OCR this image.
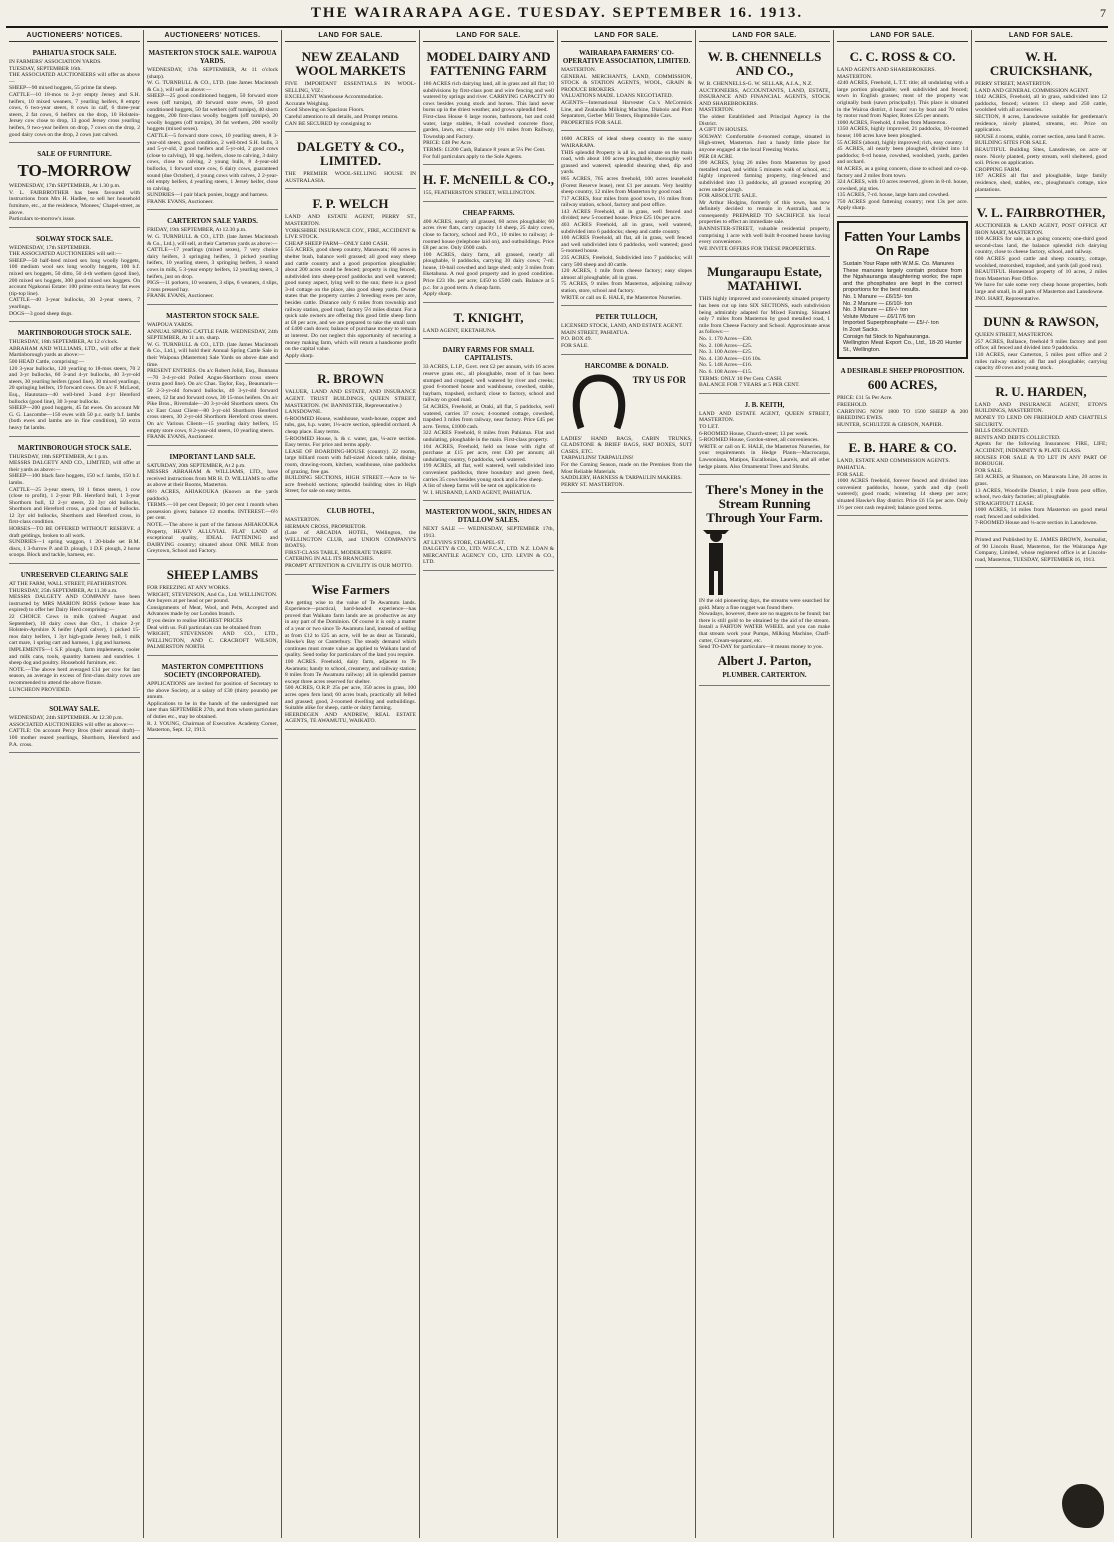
THE WAIRARAPA AGE. TUESDAY. SEPTEMBER 16. 1913.	7
AUCTIONEERS' NOTICES.
PAHIATUA STOCK SALE.

IN FARMERS' ASSOCIATION YARDS.
TUESDAY, SEPTEMBER 16th.
THE ASSOCIATED AUCTIONEERS will offer as above—
SHEEP—90 mixed hoggets, 55 prime fat sheep.
CATTLE—10 18-mos to 2-yr empty Jersey and S.H. heifers, 10 mixed weaners, 7 yearling heifers, 8 empty cows, 6 two-year steers, 8 cows in calf, 6 three-year steers, 2 fat cows, 6 heifers on the drop, 10 Holstein-Jersey cow close to drop, 13 good Jersey cross yearling heifers, 9 two-year heifers on drop, 7 cows on the drop, 2 good dairy cows on the drop, 2 cows just calved.

SALE OF FURNITURE.
TO-MORROW

WEDNESDAY, 17th SEPTEMBER, At 1.30 p.m.
V. L. FAIRBROTHER has been favoured with instructions from Mrs H. Hadlee, to sell her household furniture, etc., at the residence, 'Monees,' Chapel-street, as above.
Particulars to-morrow's issue.

SOLWAY STOCK SALE.

WEDNESDAY, 17th SEPTEMBER.
THE ASSOCIATED AUCTIONEERS will sell:—
SHEEP—50 half-bred mixed sex long woolly hoggets, 100 medium wool sex long woolly hoggets, 100 b.f. mixed sex hoggets, 50 ditto, 50 4-th wethers (good line), 200 mixed sex hoggets, 300 good mixed sex hoggets. On account Ngakonui Estate: 100 prime extra heavy fat ewes (tip-top line).
CATTLE—40 3-year bullocks, 30 2-year steers, 7 yearlings.
DOGS—3 good sheep dogs.

MARTINBOROUGH STOCK SALE.

THURSDAY, 18th SEPTEMBER, At 12 o'clock.
ABRAHAM AND WILLIAMS, LTD., will offer at their Martinborough yards as above:—
500 HEAD Cattle, comprising:—
120 3-year bullocks, 120 yearling to 18-mos steers, 70 2 and 3-yr bullocks, 60 3-and 4-yr bullocks, 40 3-yr-old steers, 30 yearling heifers (good line), 30 mixed yearlings, 20 springing heifers, 19 forward cows. On a/c F. McLeod, Esq., Hautotara—40 well-bred 3-and 4-yr Hereford bullocks (good line), 30 3-year bullocks.
SHEEP—200 good hoggets, 45 fat ewes. On account Mr G. G. Lascombe—150 ewes with 50 p.c. early b.f. lambs (both ewes and lambs are in fine condition), 50 extra heavy fat lambs.

MARTINBOROUGH STOCK SALE.

THURSDAY, 18th SEPTEMBER, At 1 p.m.
MESSRS DALGETY AND CO., LIMITED, will offer at their yards as above:—
SHEEP—100 black face hoggets, 150 w.f. lambs, 150 b.f. lambs.
CATTLE—25 3-year steers, 18 1 6mos steers, 1 cow (close to profit), 1 2-year P.B. Hereford bull, 1 3-year Shorthorn bull, 12 2-yr steers, 23 3yr old bullocks, Shorthorn and Hereford cross, a good class of bullocks. 12 3yr old bullocks, Shorthorn and Hereford cross, in first-class condition.
HORSES—TO BE OFFERED WITHOUT RESERVE. 4 draft geldings, broken to all work.
SUNDRIES—1 spring waggon, 1 20-blade set B.M. discs, 1 3-furrow P. and D. plough, 1 D.F. plough, 2 horse scoops. Block and tackle, harness, etc.

UNRESERVED CLEARING SALE

AT THE FARM, WALL STREET, FEATHERSTON.
THURSDAY, 25th SEPTEMBER, At 11.30 a.m.
MESSRS DALGETY AND COMPANY have been instructed by MRS MARION ROSS (whose lease has expired) to offer her Dairy Herd comprising:—
22 CHOICE Cows in milk (calved August and September), 10 dairy cows due Oct., 1 choice 2-yr Holstein-Ayrshire X heifer (April calver), 1 picked 15-mos dairy heifers, 1 3yr high-grade Jersey bull, 1 milk cart mare, 1 spring cart and harness, 1 gig and harness.
IMPLEMENTS—1 S.F. plough, farm implements, cooler and milk cans, tools, quantity harness and sundries. 1 sheep dog and poultry. Household furniture, etc.
NOTE.—The above herd averaged £14 per cow for last season, an average in excess of first-class dairy cows are recommended to attend the above fixture.
LUNCHEON PROVIDED.

SOLWAY SALE.

WEDNESDAY, 24th SEPTEMBER. At 12.30 p.m.
ASSOCIATED AUCTIONEERS will offer as above:—
CATTLE: On account Percy Bros (their annual draft)—100 mother reared yearlings, Shorthorn, Hereford and P.A. cross.

AUCTIONEERS' NOTICES.
MASTERTON STOCK SALE. WAIPOUA YARDS.

WEDNESDAY, 17th SEPTEMBER, At 11 o'clock (sharp).
W. G. TURNBULL & CO., LTD. (late James Macintosh & Co.), will sell as above:—
SHEEP—25 good conditioned hoggets, 50 forward store ewes (off turnips), 40 forward store ewes, 50 good conditioned hoggets, 50 fat wethers (off turnips), 40 shorn hoggets, 200 first-class woolly hoggets (off turnips), 20 woolly hoggets (off turnips), 30 fat wethers, 200 woolly hoggets (mixed sexes).
CATTLE—5 forward store cows, 10 yearling steers, 8 3-year-old steers, good condition, 2 well-bred S.H. bulls, 3 and 5-yr-old, 2 good heifers and 5-yr-old, 2 good cows (close to calving), 10 spg. heifers, close to calving, 3 dairy cows, close to calving, 2 young bulls, 8 4-year-old bullocks, 1 forward store cow, 6 dairy cows, guaranteed sound (due October), 4 young cows with calves, 2 2-year-old empty heifers, 4 yearling steers, 1 Jersey heifer, close to calving.
SUNDRIES—1 pair black ponies, buggy and harness.
FRANK EVANS, Auctioneer.

CARTERTON SALE YARDS.

FRIDAY, 19th SEPTEMBER, At 12.30 p.m.
W. G. TURNBULL & CO., LTD. (late James Macintosh & Co., Ltd.), will sell, at their Carterton yards as above:—
CATTLE—17 yearlings (mixed sexes), 7 very choice dairy heifers, 3 springing heifers, 3 picked yearling heifers, 10 yearling steers, 3 springing heifers, 3 sound cows in milk, 5 3-year empty heifers, 12 yearling steers, 3 heifers, just on drop.
PIGS—11 porkers, 10 weaners, 3 slips, 6 weaners, 4 slips, 2 tons pressed hay.
FRANK EVANS, Auctioneer.

MASTERTON STOCK SALE.

WAIPOUA YARDS.
ANNUAL SPRING CATTLE FAIR. WEDNESDAY, 24th SEPTEMBER, At 11 a.m. sharp.
W. G. TURNBULL & CO., LTD. (late James Macintosh & Co., Ltd.), will hold their Annual Spring Cattle Sale in their Waipoua (Masterton) Sale Yards on above date and time.
PRESENT ENTRIES. On a/c Robert Jolid, Esq., Bunnana—70 3-4-yr-old Polled Angus-Shorthorn cross steers (extra good line). On a/c Chas. Taylor, Esq., Beaumaris—50 2-3-yr-old forward bullocks, 40 3-yr-old forward steers, 12 fat and forward cows, 30 15-mos heifers. On a/c Pike Bros., Riversdale—20 3-yr-old Shorthorn steers. On a/c East Coast Client—80 3-yr-old Shorthorn Hereford cross steers, 30 2-yr-old Shorthorn Hereford cross steers. On a/c Various Clients—15 yearling dairy heifers, 15 empty store cows, 8 2-year-old steers, 10 yearling steers.
FRANK EVANS, Auctioneer.

IMPORTANT LAND SALE.

SATURDAY, 20th SEPTEMBER, At 2 p.m.
MESSRS ABRAHAM & WILLIAMS, LTD., have received instructions from MR H. D. WILLIAMS to offer as above at their Rooms, Masterton.
86½ ACRES, AHIAKOUKA (Known as the yards paddock).
TERMS.—10 per cent Deposit; 10 per cent 1 month when possession given; balance 12 months. INTEREST.—6½ per cent.
NOTE.—The above is part of the famous AHIAKOUKA Property, HEAVY ALLUVIAL FLAT LAND of exceptional quality, IDEAL FATTENING and DAIRYING country; situated about ONE MILE from Greytown, School and Factory.

SHEEP LAMBS

FOR FREEZING AT ANY WORKS.
WRIGHT, STEVENSON, And Co., Ltd. WELLINGTON.
Are buyers at per head or per pound.
Consignments of Meat, Wool, and Pelts, Accepted and Advances made by our London branch.
If you desire to realise HIGHEST PRICES
Deal with us. Full particulars can be obtained from
WRIGHT, STEVENSON AND CO., LTD., WELLINGTON, AND C. CRACROFT WILSON, PALMERSTON NORTH.

MASTERTON COMPETITIONS SOCIETY (INCORPORATED).

APPLICATIONS are invited for position of Secretary to the above Society, at a salary of £30 (thirty pounds) per annum.
Applications to be in the hands of the undersigned not later than SEPTEMBER 27th, and from whom particulars of duties etc., may be obtained.
R. J. YOUNG, Chairman of Executive. Academy Corner, Masterton, Sept. 12, 1913.

LAND FOR SALE.
NEW ZEALAND WOOL MARKETS

FIVE IMPORTANT ESSENTIALS IN WOOL-SELLING, VIZ.:
EXCELLENT Warehouse Accommodation.
Accurate Weighing.
Good Showing on Spacious Floors.
Careful attention to all details, and Prompt returns.
CAN BE SECURED by consigning to

DALGETY & CO., LIMITED.

THE PREMIER WOOL-SELLING HOUSE IN AUSTRALASIA.

F. P. WELCH

LAND AND ESTATE AGENT, PERRY ST., MASTERTON.
YORKSHIRE INSURANCE COY., FIRE, ACCIDENT & LIVE STOCK.
CHEAP SHEEP FARM—ONLY £400 CASH.
555 ACRES, good sheep country, Manawatu; 60 acres in shelter bush, balance well grassed; all good easy sheep and cattle country and a good proportion ploughable; about 200 acres could be fenced; property is ring fenced, subdivided into sheep-proof paddocks and well watered; good sunny aspect, lying well to the sun; there is a good 3-rd cottage on the place, also good sheep yards. Owner states that the property carries 2 breeding ewes per acre, besides cattle. Distance only 6 miles from township and railway station, good road; factory 5½ miles distant. For a quick sale owners are offering this good little sheep farm at £8 per acre, and we are prepared to take the small sum of £400 cash down; balance of purchase money to remain at interest. Do not neglect this opportunity of securing a money making farm, which will return a handsome profit on the capital value.
Apply sharp.

R. BROWN

VALUER, LAND AND ESTATE, AND INSURANCE AGENT. TRUST BUILDINGS, QUEEN STREET, MASTERTON. (W. BANNISTER, Representative.)
LANSDOWNE.
6-ROOMED House, washhouse, wash-house, copper and tubs, gas, h.p. water, 1¼-acre section, splendid orchard. A cheap place. Easy terms.
5-ROOMED House, h. & c. water, gas, ¼-acre section. Easy terms. For price and terms apply.
LEASE OF BOARDING-HOUSE (country). 22 rooms, large billiard room with full-sized Alcock table, dining-room, drawing-room, kitchen, washhouse, nine paddocks of grazing, free gas.
BUILDING SECTIONS, HIGH STREET.—Acre to ¼-acre freehold sections; splendid building sites in High Street; for sale on easy terms.

CLUB HOTEL,

MASTERTON.
HERMAN CROSS, PROPRIETOR.
(Late of ARCADIA HOTEL, Wellington, the WELLINGTON CLUB, and UNION COMPANY'S BOATS).
FIRST-CLASS TABLE, MODERATE TARIFF.
CATERING IN ALL ITS BRANCHES.
PROMPT ATTENTION & CIVILITY IS OUR MOTTO.

Wise Farmers

Are getting wise to the value of Te Awamutu lands. Experience—practical, hard-headed experience—has proved that Waikato farm lands are as productive as any in any part of the Dominion. Of course it is only a matter of a year or two since Te Awamutu land, instead of selling at from £12 to £25 an acre, will be as dear as Taranaki, Hawke's Bay or Canterbury. The steady demand which continues must create value as applied to Waikato land of quality. Send today for particulars of the land you require.
100 ACRES. Freehold, dairy farm, adjacent to Te Awamutu; handy to school, creamery, and railway station; 8 miles from Te Awamutu railway; all in splendid pasture except three acres reserved for shelter.
500 ACRES, O.R.P. 25s per acre, 350 acres in grass, 100 acres open fern land; 60 acres bush, practically all felled and grassed; good, 2-roomed dwelling and outbuildings. Suitable alike for sheep, cattle or dairy farming.
HEERDEGEN AND ANDREW, REAL ESTATE AGENTS, TE AWAMUTU, WAIKATO.

LAND FOR SALE.
MODEL DAIRY AND FATTENING FARM

186 ACRES rich dairying land, all in grass and all flat; 10 subdivisions by first-class post and wire fencing and well watered by springs and river. CARRYING CAPACITY 80 cows besides young stock and horses. This land never burns up in the driest weather, and grows splendid feed.
First-class House 6 large rooms, bathroom, hot and cold water, large stables, 8-bail cowshed concrete floor, garden, lawn, etc.; situate only 1½ miles from Railway, Township and Factory.
PRICE: £48 Per Acre.
TERMS: £1200 Cash, Balance 8 years at 5¼ Per Cent.
For full particulars apply to the Sole Agents.

H. F. McNEILL & CO.,

155, FEATHERSTON STREET, WELLINGTON.

CHEAP FARMS.

400 ACRES, nearly all grassed, 60 acres ploughable; 60 acres river flats, carry capacity 14 sheep, 25 dairy cows, close to factory, school and P.O., 10 miles to railway; 4-roomed house (telephone laid on), and outbuildings. Price £8 per acre. Only £600 cash.
100 ACRES, dairy farm, all grassed, nearly all ploughable, 8 paddocks, carrying 30 dairy cows; 7-rd. house, 10-bail cowshed and large shed; only 3 miles from Eketahuna. A real good property and in good condition. Price £23 10s. per acre; £450 to £500 cash. Balance at 5 p.c. for a good term. A cheap farm.
Apply sharp.

T. KNIGHT,

LAND AGENT, EKETAHUNA.

DAIRY FARMS FOR SMALL CAPITALISTS.

33 ACRES, L.I.P., Govt. rent £2 per annum, with 16 acres reserve grass etc., all ploughable, most of it has been stumped and cropped; well watered by river and creeks; good 6-roomed house and washhouse, cowshed, stable, haybarn, trapshed, orchard; close to factory, school and railway on good road.
54 ACRES, Freehold, at Otaki, all flat, 5 paddocks, well watered, carries 37 cows; 4-roomed cottage, cowshed, trapshed 3 miles from railway, near factory. Price £45 per acre. Terms, £1000 cash.
322 ACRES Freehold, 8 miles from Pahiatua. Flat and undulating, ploughable in the main. First-class property.
104 ACRES, Freehold, held on lease with right of purchase at £15 per acre, rent £30 per annum; all undulating country, 6 paddocks, well watered.
199 ACRES, all flat, well watered, well subdivided into convenient paddocks, three boundary and green feed, carries 35 cows besides young stock and a few sheep.
A list of sheep farms will be sent on application to
W. I. HUSBAND, LAND AGENT, PAHIATUA.

MASTERTON WOOL, SKIN, HIDES AN DTALLOW SALES.

NEXT SALE — WEDNESDAY, SEPTEMBER 17th, 1913.
AT LEVIN'S STORE, CHAPEL-ST.
DALGETY & CO., LTD. W.F.C.A., LTD. N.Z. LOAN & MERCANTILE AGENCY CO., LTD. LEVIN & CO., LTD.

LAND FOR SALE.
WAIRARAPA FARMERS' CO-OPERATIVE ASSOCIATION, LIMITED.

MASTERTON.
GENERAL MERCHANTS, LAND, COMMISSION, STOCK & STATION AGENTS, WOOL, GRAIN & PRODUCE BROKERS.
VALUATIONS MADE. LOANS NEGOTIATED.
AGENTS—International Harvester Co.'s McCormick Line, and Zealandia Milking Machine, Diabolo and Plott Separators, Gerber Mill Testers, Hupmobile Cars.
PROPERTIES FOR SALE.

1600 ACRES of ideal sheep country in the sunny WAIRARAPA.
THIS splendid Property is all in, and situate on the main road, with about 100 acres ploughable, thoroughly well grassed and watered; splendid shearing shed, dip and yards.
865 ACRES, 765 acres freehold, 100 acres leasehold (Forest Reserve lease), rent £1 per annum. Very healthy sheep country, 12 miles from Masterton by good road.
717 ACRES, four miles from good town, 1½ miles from railway station, school, factory and post office.
143 ACRES Freehold, all in grass, well fenced and divided; new 5-roomed house. Price £25 10s per acre.
403 ACRES Freehold, all in grass, well watered, subdivided into 6 paddocks; sheep and cattle country.
100 ACRES Freehold, all flat, all in grass, well fenced and well subdivided into 6 paddocks, well watered; good 5-roomed house.
235 ACRES, Freehold, Subdivided into 7 paddocks; will carry 500 sheep and 40 cattle.
120 ACRES, 1 mile from cheese factory; easy slopes almost all ploughable; all in grass.
75 ACRES, 9 miles from Masterton, adjoining railway station, store, school and factory.
WRITE or call on E. HALE, the Masterton Nurseries.

PETER TULLOCH,

LICENSED STOCK, LAND, AND ESTATE AGENT.
MAIN STREET, PAHIATUA.
P.O. BOX 49.
FOR SALE.

HARCOMBE & DONALD.
TRY US FOR

LADIES' HAND BAGS, CABIN TRUNKS, GLADSTONE & BRIEF BAGS, HAT BOXES, SUIT CASES, ETC.
TARPAULINS! TARPAULINS!
For the Coming Season, made on the Premises from the Most Reliable Materials.
SADDLERY, HARNESS & TARPAULIN MAKERS.
PERRY ST. MASTERTON.

LAND FOR SALE.
W. B. CHENNELLS AND CO.,

W. B. CHENNELLS-G. W. SELLAR, A.I.A., N.Z.
AUCTIONEERS, ACCOUNTANTS, LAND, ESTATE, INSURANCE AND FINANCIAL AGENTS, STOCK AND SHAREBROKERS.
MASTERTON.
The oldest Established and Principal Agency in the District.
A GIFT IN HOUSES.
SOLWAY: Comfortable 4-roomed cottage, situated in High-street, Masterton. Just a handy little place for anyone engaged at the local Freezing Works.
PER £8 ACRE.
390 ACRES, lying 26 miles from Masterton by good metalled road, and within 5 minutes walk of school, etc.; highly improved farming property, ring-fenced and subdivided into 13 paddocks, all grassed excepting 20 acres under plough.
FOR ABSOLUTE SALE.
Mr Arthur Hodgins, formerly of this town, has now definitely decided to remain in Australia, and is consequently PREPARED TO SACRIFICE his local properties to effect an immediate sale.
BANNISTER-STREET, valuable residential property, comprising 1 acre with well built 8-roomed house having every convenience.
WE INVITE OFFERS FOR THESE PROPERTIES.

Mungaraupu Estate, MATAHIWI.

THIS highly improved and conveniently situated property has been cut up into SIX SECTIONS, each subdivision being admirably adapted for Mixed Farming. Situated only 7 miles from Masterton by good metalled road, 1 mile from Cheese Factory and School. Approximate areas as follows:—
No. 1. 170 Acres—£30.
No. 2. 108 Acres—£25.
No. 3. 100 Acres—£25.
No. 4. 130 Acres—£16 10s.
No. 5. 148 Acres—£16.
No. 6. 108 Acres—£15.
TERMS: ONLY 10 Per Cent. CASH.
BALANCE FOR 7 YEARS at 5 PER CENT.

J. B. KEITH,

LAND AND ESTATE AGENT, QUEEN STREET, MASTERTON.
TO LET.
6-ROOMED House, Church-street; 13 per week.
5-ROOMED House, Gordon-street, all conveniences.
WRITE or call on E. HALE, the Masterton Nurseries, for your requirements in Hedge Plants—Macrocarpa, Lawsoniana, Matipos, Escallonias, Laurels, and all other hedge plants. Also Ornamental Trees and Shrubs.

There's Money in the Stream Running Through Your Farm.

IN the old pioneering days, the streams were searched for gold. Many a fine nugget was found there.
Nowadays, however, there are no nuggets to be found; but there is still gold to be obtained by the aid of the stream. Install a FARTON WATER WHEEL and you can make that stream work your Pumps, Milking Machine, Chaff-cutter, Cream-separator, etc.
Send TO-DAY for particulars—it means money to you.

Albert J. Parton,
PLUMBER. CARTERTON.
LAND FOR SALE.
C. C. ROSS & CO.

LAND AGENTS AND SHAREBROKERS.
MASTERTON.
4240 ACRES, Freehold, L.T.T. title; all undulating with a large portion ploughable; well subdivided and fenced; sown in English grasses; most of the property was originally bush (sawn principally). This place is situated in the Wairoa district, 4 hours' run by boat and 70 miles by motor road from Napier, Rotes £25 per annum.
1000 ACRES, Freehold, 4 miles from Masterton.
1350 ACRES, highly improved, 21 paddocks, 10-roomed house; 100 acres have been ploughed.
55 ACRES (about), highly improved; rich, easy country.
45 ACRES, all nearly been ploughed, divided into 14 paddocks; 6-rd house, cowshed, woolshed, yards, garden and orchard.
84 ACRES, as a going concern, close to school and co-op. factory and 2 miles from town.
324 ACRES, with 10 acres reserved, given in 8-rd. house, cowshed, pig sties.
135 ACRES, 7-rd. house, large barn and cowshed.
750 ACRES good fattening country; rent 13s per acre. Apply sharp.

Fatten Your Lambs On Rape

Sustain Your Rape with W.M.E. Co. Manures
These manures largely contain produce from the Ngahauranga slaughtering works; the rape and the phosphates are kept in the correct proportions for the best results.
No. 1 Manure — £6/15/- ton
No. 2 Manure — £6/10/- ton
No. 3 Manure — £6/-/- ton
Volute Mixture — £6/17/6 ton
Imported Superphosphate — £5/-/- ton
In 2cwt Sacks.
Consign fat Stock to Ngahauranga.
Wellington Meat Export Co., Ltd., 18-20 Hunter St., Wellington.

A DESIRABLE SHEEP PROPOSITION.
600 ACRES,

PRICE: £11 5s Per Acre.
FREEHOLD.
CARRYING NOW 1800 TO 1500 SHEEP & 200 BREEDING EWES.
HUNTER, SCHULTZE & GIBSON, NAPIER.

E. B. HARE & CO.

LAND, ESTATE AND COMMISSION AGENTS.
PAHIATUA.
FOR SALE.
1000 ACRES freehold, forever fenced and divided into convenient paddocks, house, yards and dip (well watered); good roads; wintering 14 sheep per acre; situated Hawke's Bay district. Price £6 15s per acre. Only 1½ per cent cash required; balance good terms.

LAND FOR SALE.
W. H. CRUICKSHANK,

PERRY STREET, MASTERTON.
LAND AND GENERAL COMMISSION AGENT.
1042 ACRES, Freehold, all in grass, subdivided into 12 paddocks, fenced; winters 13 sheep and 250 cattle, woolshed with all accessories.
SECTION, 8 acres, Lansdowne suitable for gentleman's residence, nicely planted, streams, etc. Price on application.
HOUSE 4 rooms, stable, corner section, area land 8 acres.
BUILDING SITES FOR SALE.
BEAUTIFUL Building Sites, Lansdowne, on acre or more. Nicely planted, pretty stream, well sheltered, good soil. Prices on application.
CROPPING FARM.
187 ACRES all flat and ploughable, large family residence, shed, stables, etc., ploughman's cottage, nice plantations.

V. L. FAIRBROTHER,

AUCTIONEER & LAND AGENT, POST OFFICE AT IRON MART, MASTERTON.
100 ACRES for sale, as a going concern; one-third good second-class land, the balance splendid rich dairying country, close to cheese factory, school, and railway.
600 ACRES good cattle and sheep country, cottage, woolshed, motorshed, trapshed, and yards (all good run).
BEAUTIFUL Homestead property of 10 acres, 2 miles from Masterton Post Office.
We have for sale some very cheap house properties, both large and small, in all parts of Masterton and Lansdowne.
JNO. HART, Representative.

DUNN & RAWSON,

QUEEN STREET, MASTERTON.
257 ACRES, Ballance, freehold 9 miles factory and post office; all fenced and divided into 9 paddocks.
130 ACRES, near Carterton, 5 miles post office and 2 miles railway station; all flat and ploughable; carrying capacity 40 cows and young stock.

R. U. HARDEN,

LAND AND INSURANCE AGENT, ETON'S BUILDINGS, MASTERTON.
MONEY TO LEND ON FREEHOLD AND CHATTELS SECURITY.
BILLS DISCOUNTED.
RENTS AND DEBTS COLLECTED.
Agents for the following Insurances: FIRE, LIFE; ACCIDENT, INDEMNITY & PLATE GLASS.
HOUSES FOR SALE & TO LET IN ANY PART OF BOROUGH.
FOR SALE.
583 ACRES, at Shannon, on Manawatu Line, 20 acres in grass.
13 ACRES, Woodville District, 1 mile from post office, school, two dairy factories; all ploughable.
STRAIGHTOUT LEASE.
1000 ACRES, 14 miles from Masterton on good metal road; fenced and subdivided.
7-ROOMED House and ¼-acre section in Lansdowne.

Printed and Published by E. JAMES BROWN, Journalist, of 90 Lincoln Road, Masterton, for the Wairarapa Age Company, Limited, whose registered office is at Lincoln-road, Masterton, TUESDAY, SEPTEMBER 16, 1913.
